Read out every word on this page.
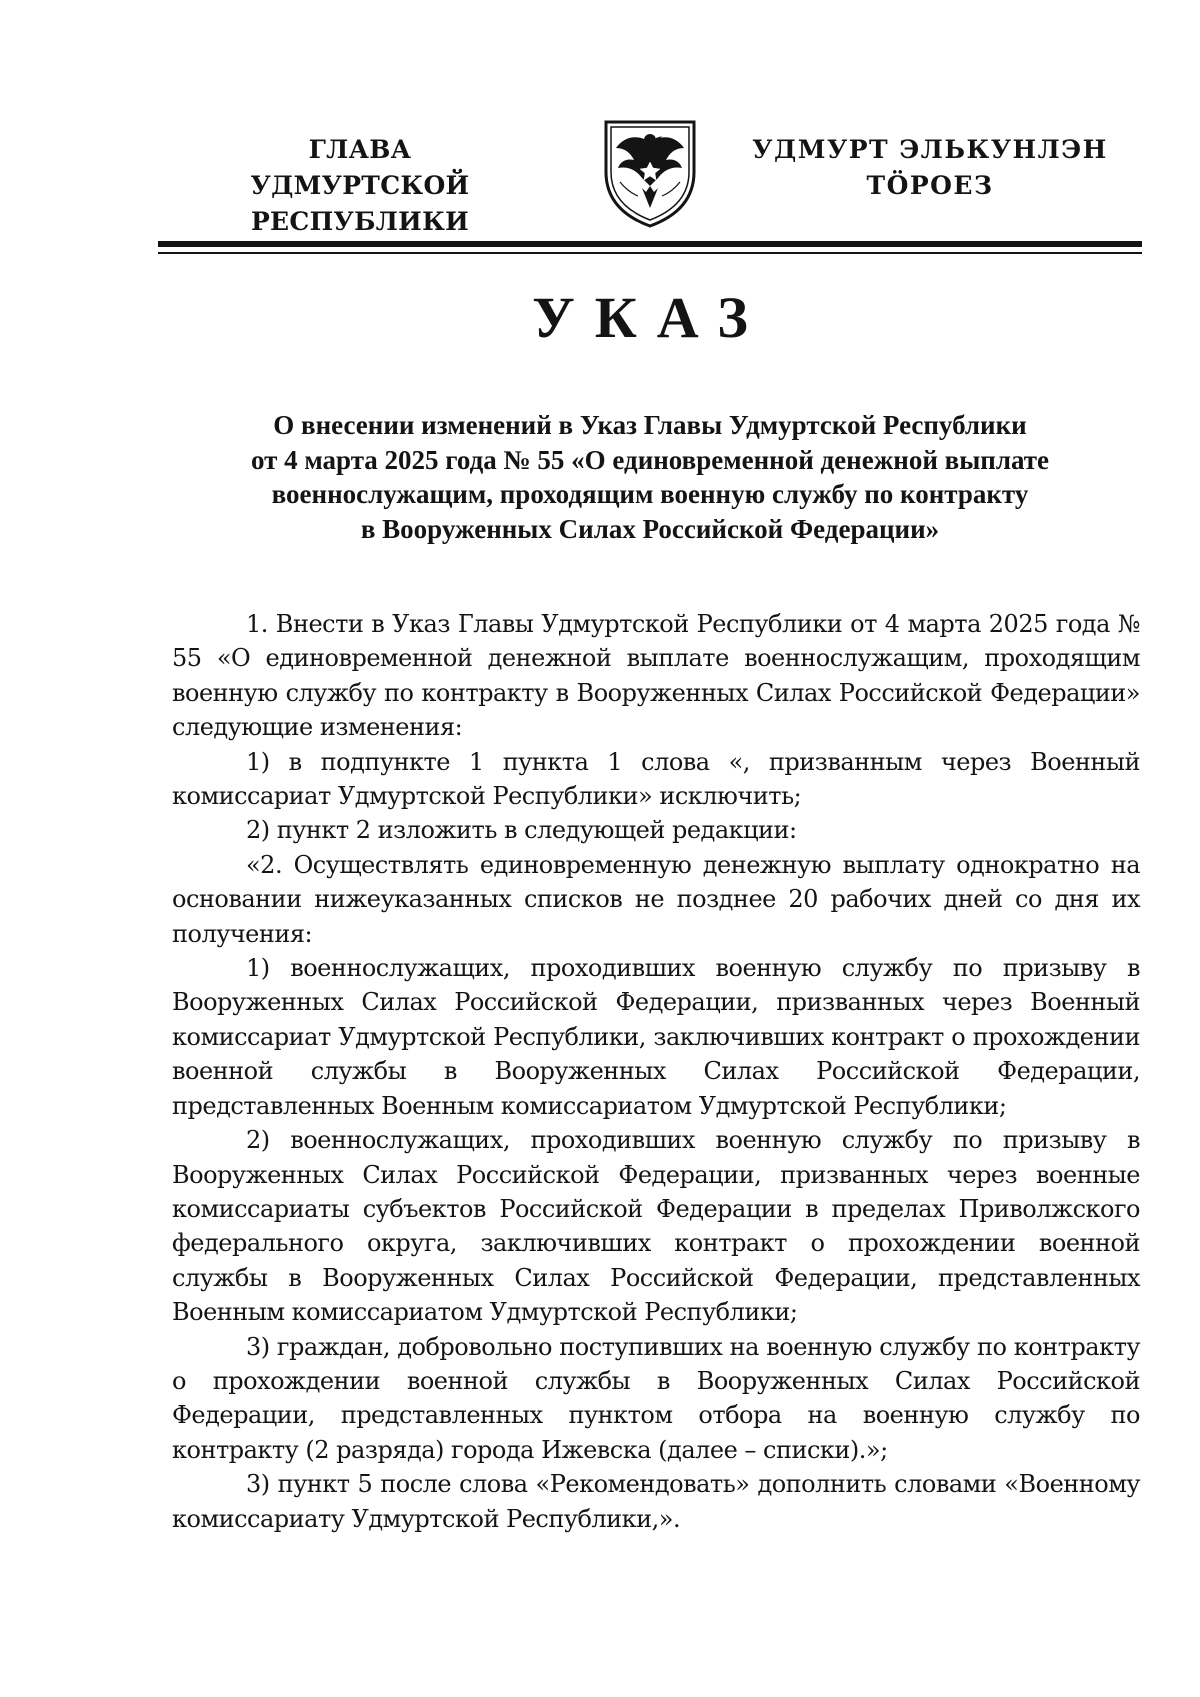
ГЛАВА
УДМУРТСКОЙ РЕСПУБЛИКИ
УДМУРТ ЭЛЬКУНЛЭН
ТӦРОЕЗ
УКАЗ
О внесении изменений в Указ Главы Удмуртской Республики
от 4 марта 2025 года № 55 «О единовременной денежной выплате
военнослужащим, проходящим военную службу по контракту
в Вооруженных Силах Российской Федерации»

1. Внести в Указ Главы Удмуртской Республики от 4 марта 2025 года № 55 «О единовременной денежной выплате военнослужащим, проходящим военную службу по контракту в Вооруженных Силах Российской Федерации» следующие изменения:

1) в подпункте 1 пункта 1 слова «, призванным через Военный комиссариат Удмуртской Республики» исключить;

2) пункт 2 изложить в следующей редакции:

«2. Осуществлять единовременную денежную выплату однократно на основании нижеуказанных списков не позднее 20 рабочих дней со дня их получения:

1) военнослужащих, проходивших военную службу по призыву в Вооруженных Силах Российской Федерации, призванных через Военный комиссариат Удмуртской Республики, заключивших контракт о прохождении военной службы в Вооруженных Силах Российской Федерации, представленных Военным комиссариатом Удмуртской Республики;

2) военнослужащих, проходивших военную службу по призыву в Вооруженных Силах Российской Федерации, призванных через военные комиссариаты субъектов Российской Федерации в пределах Приволжского федерального округа, заключивших контракт о прохождении военной службы в Вооруженных Силах Российской Федерации, представленных Военным комиссариатом Удмуртской Республики;

3) граждан, добровольно поступивших на военную службу по контракту о прохождении военной службы в Вооруженных Силах Российской Федерации, представленных пунктом отбора на военную службу по контракту (2 разряда) города Ижевска (далее – списки).»;

3) пункт 5 после слова «Рекомендовать» дополнить словами «Военному комиссариату Удмуртской Республики,».
